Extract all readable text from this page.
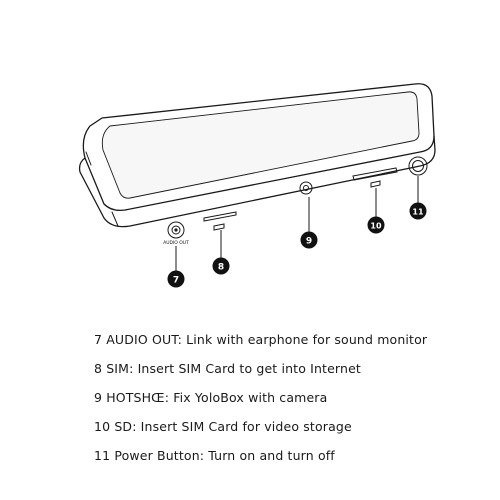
AUDIO OUT
7
8
9
10
11
7 AUDIO OUT: Link with earphone for sound monitor
8 SIM: Insert SIM Card to get into Internet
9 HOTSHŒ: Fix YoloBox with camera
10 SD: Insert SIM Card for video storage
11 Power Button: Turn on and turn off
